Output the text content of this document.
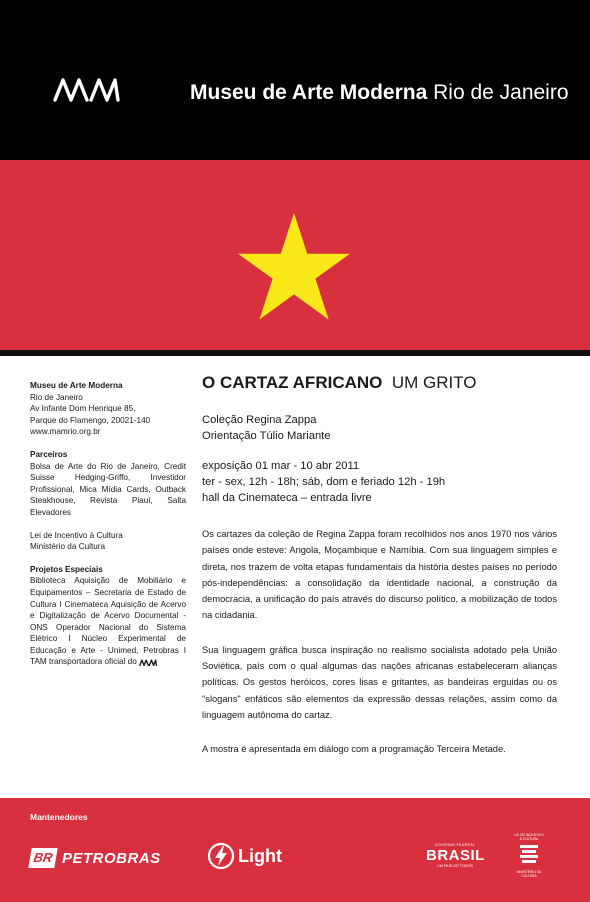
Museu de Arte Moderna Rio de Janeiro
Museu de Arte Moderna
Rio de Janeiro
Av Infante Dom Henrique 85,
Parque do Flamengo, 20021-140
www.mamrio.org.br
Parceiros
Bolsa de Arte do Rio de Janeiro, Credit Suisse Hedging-Griffo, Investidor Profissional, Mica Mídia Cards, Outback Steakhouse, Revista Piauí, Salta Elevadores
Lei de Incentivo à Cultura
Ministério da Cultura
Projetos Especiais
Biblioteca Aquisição de Mobiliário e Equipamentos – Secretaria de Estado de Cultura I Cinemateca Aquisição de Acervo e Digitalização de Acervo Documental - ONS Operador Nacional do Sistema Elétrico I Núcleo Experimental de Educação e Arte - Unimed, Petrobras I TAM transportadora oficial do
O CARTAZ AFRICANO UM GRITO
Coleção Regina Zappa
Orientação Túlio Mariante
exposição 01 mar - 10 abr 2011
ter - sex, 12h - 18h; sáb, dom e feriado 12h - 19h
hall da Cinemateca – entrada livre

Os cartazes da coleção de Regina Zappa foram recolhidos nos anos 1970 nos vários países onde esteve: Angola, Moçambique e Namíbia. Com sua linguagem simples e direta, nos trazem de volta etapas fundamentais da história destes países no período pós-independências: a consolidação da identidade nacional, a construção da democracia, a unificação do país através do discurso político, a mobilização de todos na cidadania.

Sua linguagem gráfica busca inspiração no realismo socialista adotado pela União Soviética, país com o qual algumas das nações africanas estabeleceram alianças políticas. Os gestos heróicos, cores lisas e gritantes, as bandeiras erguidas ou os "slogans" enfáticos são elementos da expressão dessas relações, assim como da linguagem autônoma do cartaz.

A mostra é apresentada em diálogo com a programação Terceira Metade.

Mantenedores
BR PETROBRAS	Light
GOVERNO FEDERAL
BRASIL
UM PAÍS DE TODOS
LEI DE INCENTIVO À CULTURA
MINISTÉRIO DA CULTURA
